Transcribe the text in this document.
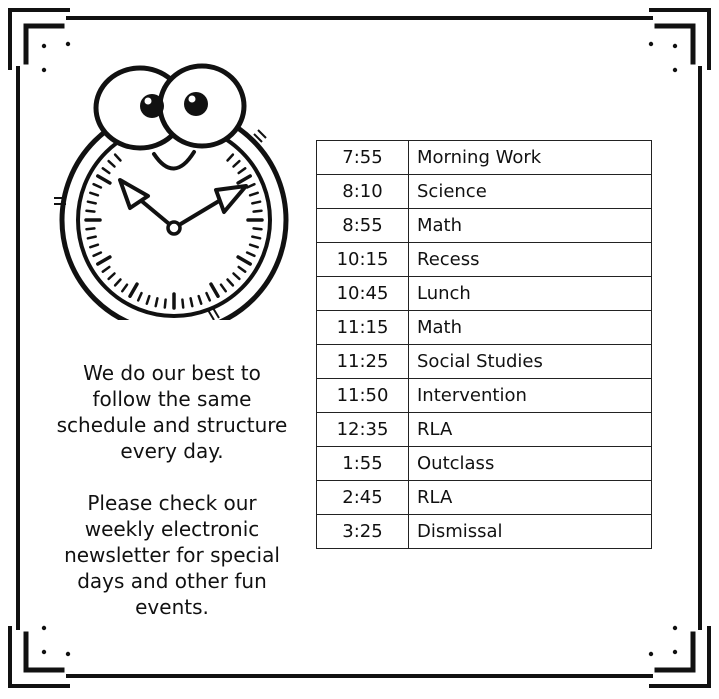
We do our best to follow the same schedule and structure every day.

Please check our weekly electronic newsletter for special days and other fun events.

7:55	Morning Work
8:10	Science
8:55	Math
10:15	Recess
10:45	Lunch
11:15	Math
11:25	Social Studies
11:50	Intervention
12:35	RLA
1:55	Outclass
2:45	RLA
3:25	Dismissal
